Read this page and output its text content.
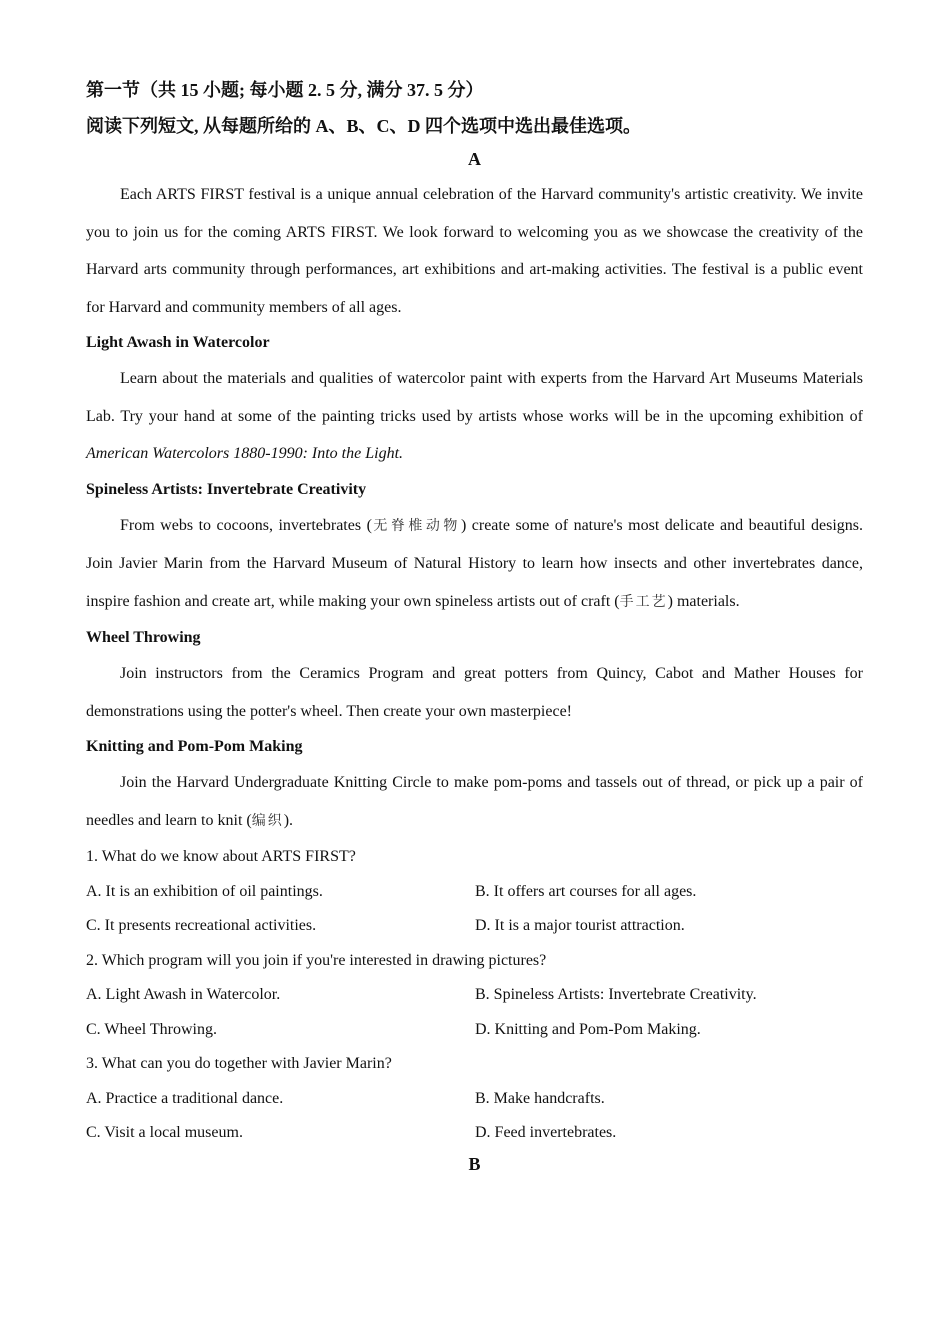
第一节（共 15 小题; 每小题 2. 5 分, 满分 37. 5 分）
阅读下列短文, 从每题所给的 A、B、C、D 四个选项中选出最佳选项。
A

Each ARTS FIRST festival is a unique annual celebration of the Harvard community's artistic creativity. We invite you to join us for the coming ARTS FIRST. We look forward to welcoming you as we showcase the creativity of the Harvard arts community through performances, art exhibitions and art-making activities. The festival is a public event for Harvard and community members of all ages.

Light Awash in Watercolor

Learn about the materials and qualities of watercolor paint with experts from the Harvard Art Museums Materials Lab. Try your hand at some of the painting tricks used by artists whose works will be in the upcoming exhibition of American Watercolors 1880-1990: Into the Light.

Spineless Artists: Invertebrate Creativity

From webs to cocoons, invertebrates (无脊椎动物) create some of nature's most delicate and beautiful designs. Join Javier Marin from the Harvard Museum of Natural History to learn how insects and other invertebrates dance, inspire fashion and create art, while making your own spineless artists out of craft (手工艺) materials.

Wheel Throwing

Join instructors from the Ceramics Program and great potters from Quincy, Cabot and Mather Houses for demonstrations using the potter's wheel. Then create your own masterpiece!

Knitting and Pom-Pom Making

Join the Harvard Undergraduate Knitting Circle to make pom-poms and tassels out of thread, or pick up a pair of needles and learn to knit (编织).

1. What do we know about ARTS FIRST?
A. It is an exhibition of oil paintings.	B. It offers art courses for all ages.
C. It presents recreational activities.	D. It is a major tourist attraction.
2. Which program will you join if you're interested in drawing pictures?
A. Light Awash in Watercolor.	B. Spineless Artists: Invertebrate Creativity.
C. Wheel Throwing.	D. Knitting and Pom-Pom Making.
3. What can you do together with Javier Marin?
A. Practice a traditional dance.	B. Make handcrafts.
C. Visit a local museum.	D. Feed invertebrates.
B
